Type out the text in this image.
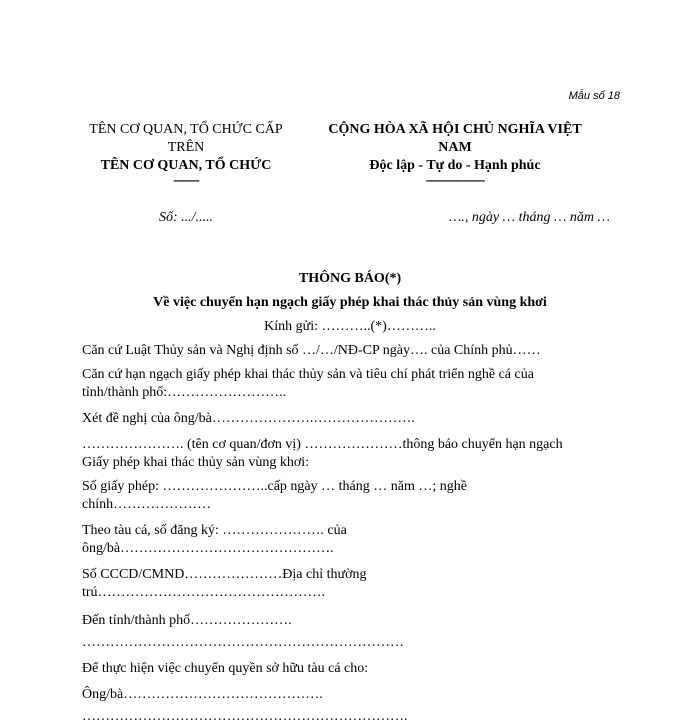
Mẫu số 18
TÊN CƠ QUAN, TỔ CHỨC CẤP
TRÊN
TÊN CƠ QUAN, TỔ CHỨC
-------
CỘNG HÒA XÃ HỘI CHỦ NGHĨA VIỆT
NAM
Độc lập - Tự do - Hạnh phúc
----------------
Số: .../.....	…., ngày … tháng … năm …
THÔNG BÁO(*)
Về việc chuyển hạn ngạch giấy phép khai thác thủy sản vùng khơi
Kính gửi: ………..(*)………..

Căn cứ Luật Thủy sản và Nghị định số …/…/NĐ-CP ngày…. của Chính phủ……

Căn cứ hạn ngạch giấy phép khai thác thủy sản và tiêu chí phát triển nghề cá của

tỉnh/thành phố:……………………..

Xét đề nghị của ông/bà………………….………………….

…………………. (tên cơ quan/đơn vị) …………………thông báo chuyển hạn ngạch

Giấy phép khai thác thủy sản vùng khơi:

Số giấy phép: …………………..cấp ngày … tháng … năm …; nghề

chính…………………

Theo tàu cá, số đăng ký: …………………. của

ông/bà……………………………………….

Số CCCD/CMND…………………Địa chỉ thường

trú………………………………………….

Đến tỉnh/thành phố………………….

……………………………………………………………

Để thực hiện việc chuyển quyền sở hữu tàu cá cho:

Ông/bà…………………………………….

…………………………………………………………….
